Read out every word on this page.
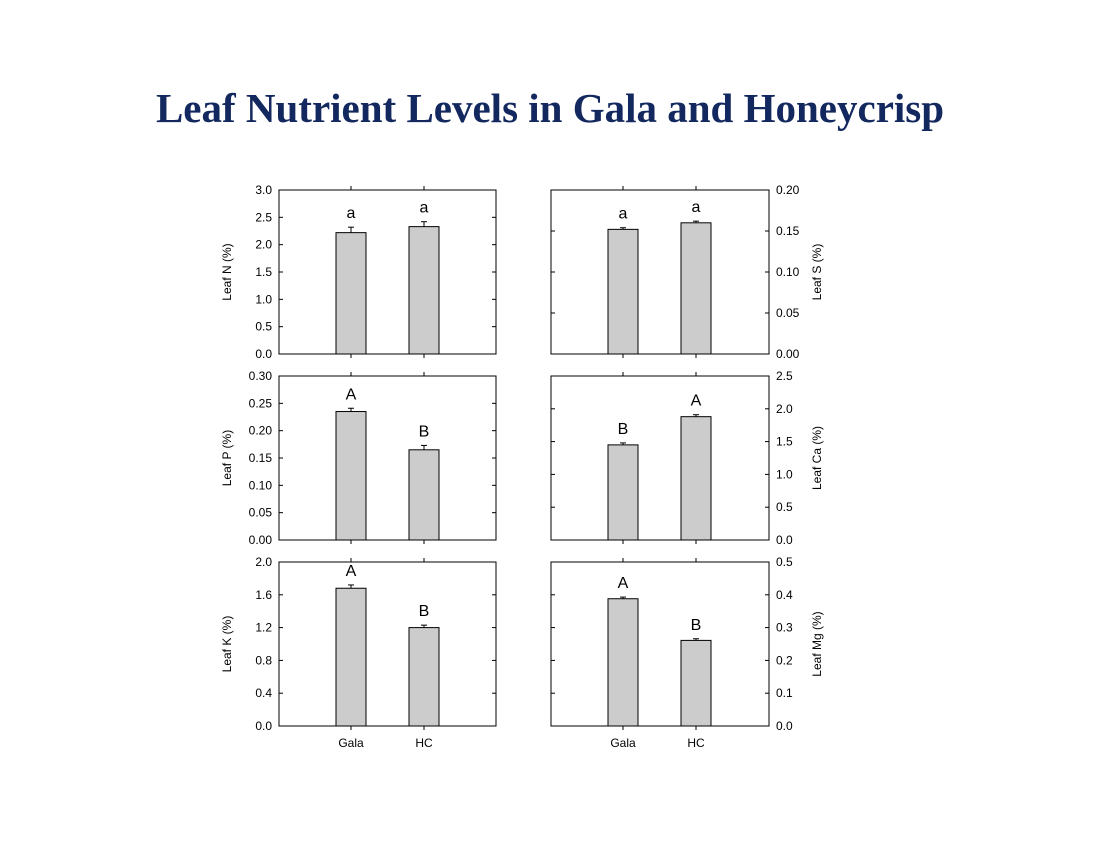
Leaf Nutrient Levels in Gala and Honeycrisp
0.0
0.5
1.0
1.5
2.0
2.5
3.0
Leaf N (%)
a	a
0.00
0.05
0.10
0.15
0.20
Leaf S (%)
a	a
0.00
0.05
0.10
0.15
0.20
0.25
0.30
Leaf P (%)
A
B
0.0
0.5
1.0
1.5
2.0
2.5
Leaf Ca (%)
B
A
0.0
0.4
0.8
1.2
1.6
2.0
Leaf K (%)
A
Gala
B
HC
0.0
0.1
0.2
0.3
0.4
0.5
Leaf Mg (%)
A
Gala
B
HC
